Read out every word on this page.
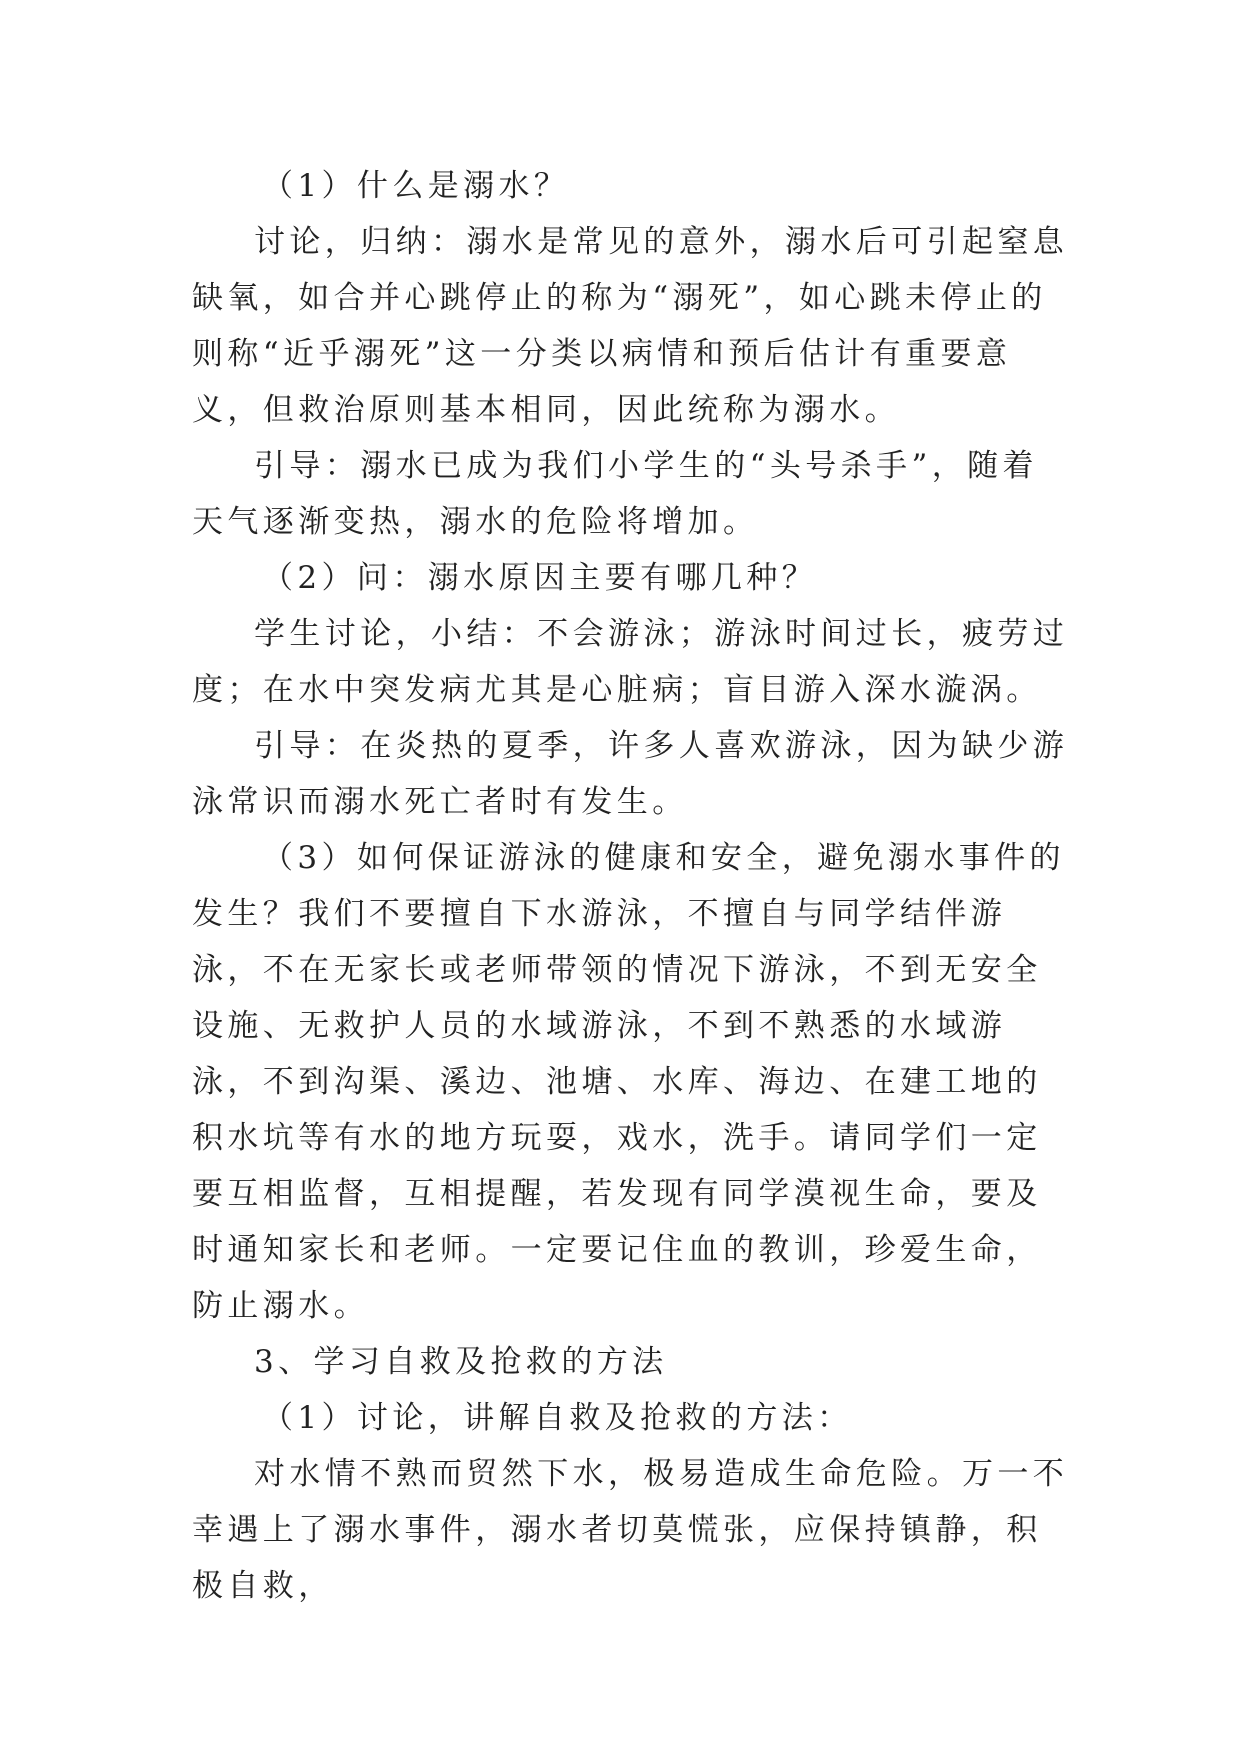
（1）什么是溺水？

讨论，归纳：溺水是常见的意外，溺水后可引起窒息缺氧，如合并心跳停止的称为“溺死”，如心跳未停止的则称“近乎溺死”这一分类以病情和预后估计有重要意义，但救治原则基本相同，因此统称为溺水。

引导：溺水已成为我们小学生的“头号杀手”，随着天气逐渐变热，溺水的危险将增加。

（2）问：溺水原因主要有哪几种？

学生讨论，小结：不会游泳；游泳时间过长，疲劳过度；在水中突发病尤其是心脏病；盲目游入深水漩涡。

引导：在炎热的夏季，许多人喜欢游泳，因为缺少游泳常识而溺水死亡者时有发生。

（3）如何保证游泳的健康和安全，避免溺水事件的发生？我们不要擅自下水游泳，不擅自与同学结伴游泳，不在无家长或老师带领的情况下游泳，不到无安全设施、无救护人员的水域游泳，不到不熟悉的水域游泳，不到沟渠、溪边、池塘、水库、海边、在建工地的积水坑等有水的地方玩耍，戏水，洗手。请同学们一定要互相监督，互相提醒，若发现有同学漠视生命，要及时通知家长和老师。一定要记住血的教训，珍爱生命，防止溺水。

3、学习自救及抢救的方法

（1）讨论，讲解自救及抢救的方法：

对水情不熟而贸然下水，极易造成生命危险。万一不幸遇上了溺水事件，溺水者切莫慌张，应保持镇静，积极自救，
